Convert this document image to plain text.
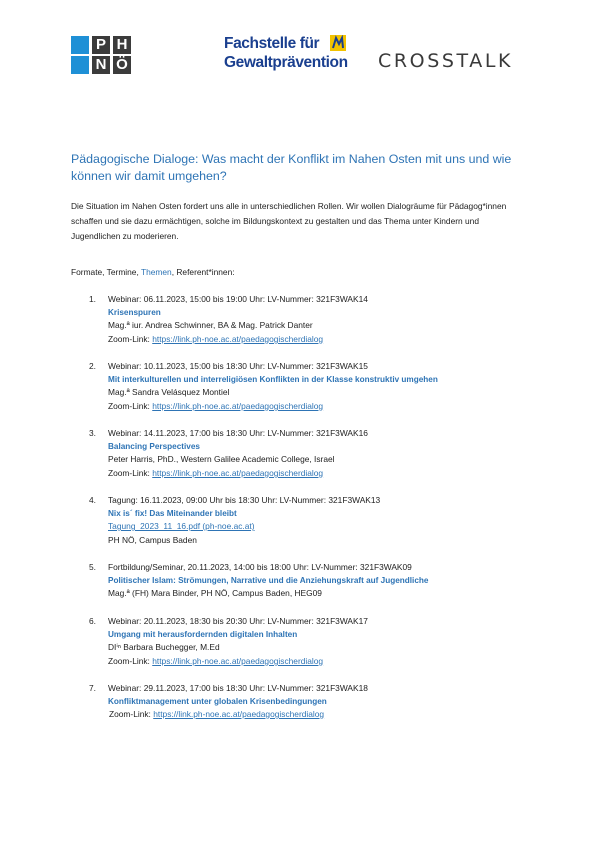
P H
N Ö
Fachstelle für
Gewaltprävention CROSSTALK
Pädagogische Dialoge: Was macht der Konflikt im Nahen Osten mit uns und wie können wir damit umgehen?

Die Situation im Nahen Osten fordert uns alle in unterschiedlichen Rollen. Wir wollen Dialogräume für Pädagog*innen schaffen und sie dazu ermächtigen, solche im Bildungskontext zu gestalten und das Thema unter Kindern und Jugendlichen zu moderieren.

Formate, Termine, Themen, Referent*innen:

1. Webinar: 06.11.2023, 15:00 bis 19:00 Uhr: LV-Nummer: 321F3WAK14
Krisenspuren
Mag.ª iur. Andrea Schwinner, BA & Mag. Patrick Danter
Zoom-Link: https://link.ph-noe.ac.at/paedagogischerdialog
2. Webinar: 10.11.2023, 15:00 bis 18:30 Uhr: LV-Nummer: 321F3WAK15
Mit interkulturellen und interreligiösen Konflikten in der Klasse konstruktiv umgehen
Mag.ª Sandra Velásquez Montiel
Zoom-Link: https://link.ph-noe.ac.at/paedagogischerdialog
3. Webinar: 14.11.2023, 17:00 bis 18:30 Uhr: LV-Nummer: 321F3WAK16
Balancing Perspectives
Peter Harris, PhD., Western Galilee Academic College, Israel
Zoom-Link: https://link.ph-noe.ac.at/paedagogischerdialog
4. Tagung: 16.11.2023, 09:00 Uhr bis 18:30 Uhr: LV-Nummer: 321F3WAK13
Nix is´ fix! Das Miteinander bleibt
Tagung_2023_11_16.pdf (ph-noe.ac.at)
PH NÖ, Campus Baden
5. Fortbildung/Seminar, 20.11.2023, 14:00 bis 18:00 Uhr: LV-Nummer: 321F3WAK09
Politischer Islam: Strömungen, Narrative und die Anziehungskraft auf Jugendliche
Mag.ª (FH) Mara Binder, PH NÖ, Campus Baden, HEG09
6. Webinar: 20.11.2023, 18:30 bis 20:30 Uhr: LV-Nummer: 321F3WAK17
Umgang mit herausfordernden digitalen Inhalten
DIⁱⁿ Barbara Buchegger, M.Ed
Zoom-Link: https://link.ph-noe.ac.at/paedagogischerdialog
7. Webinar: 29.11.2023, 17:00 bis 18:30 Uhr: LV-Nummer: 321F3WAK18
Konfliktmanagement unter globalen Krisenbedingungen
Zoom-Link: https://link.ph-noe.ac.at/paedagogischerdialog
